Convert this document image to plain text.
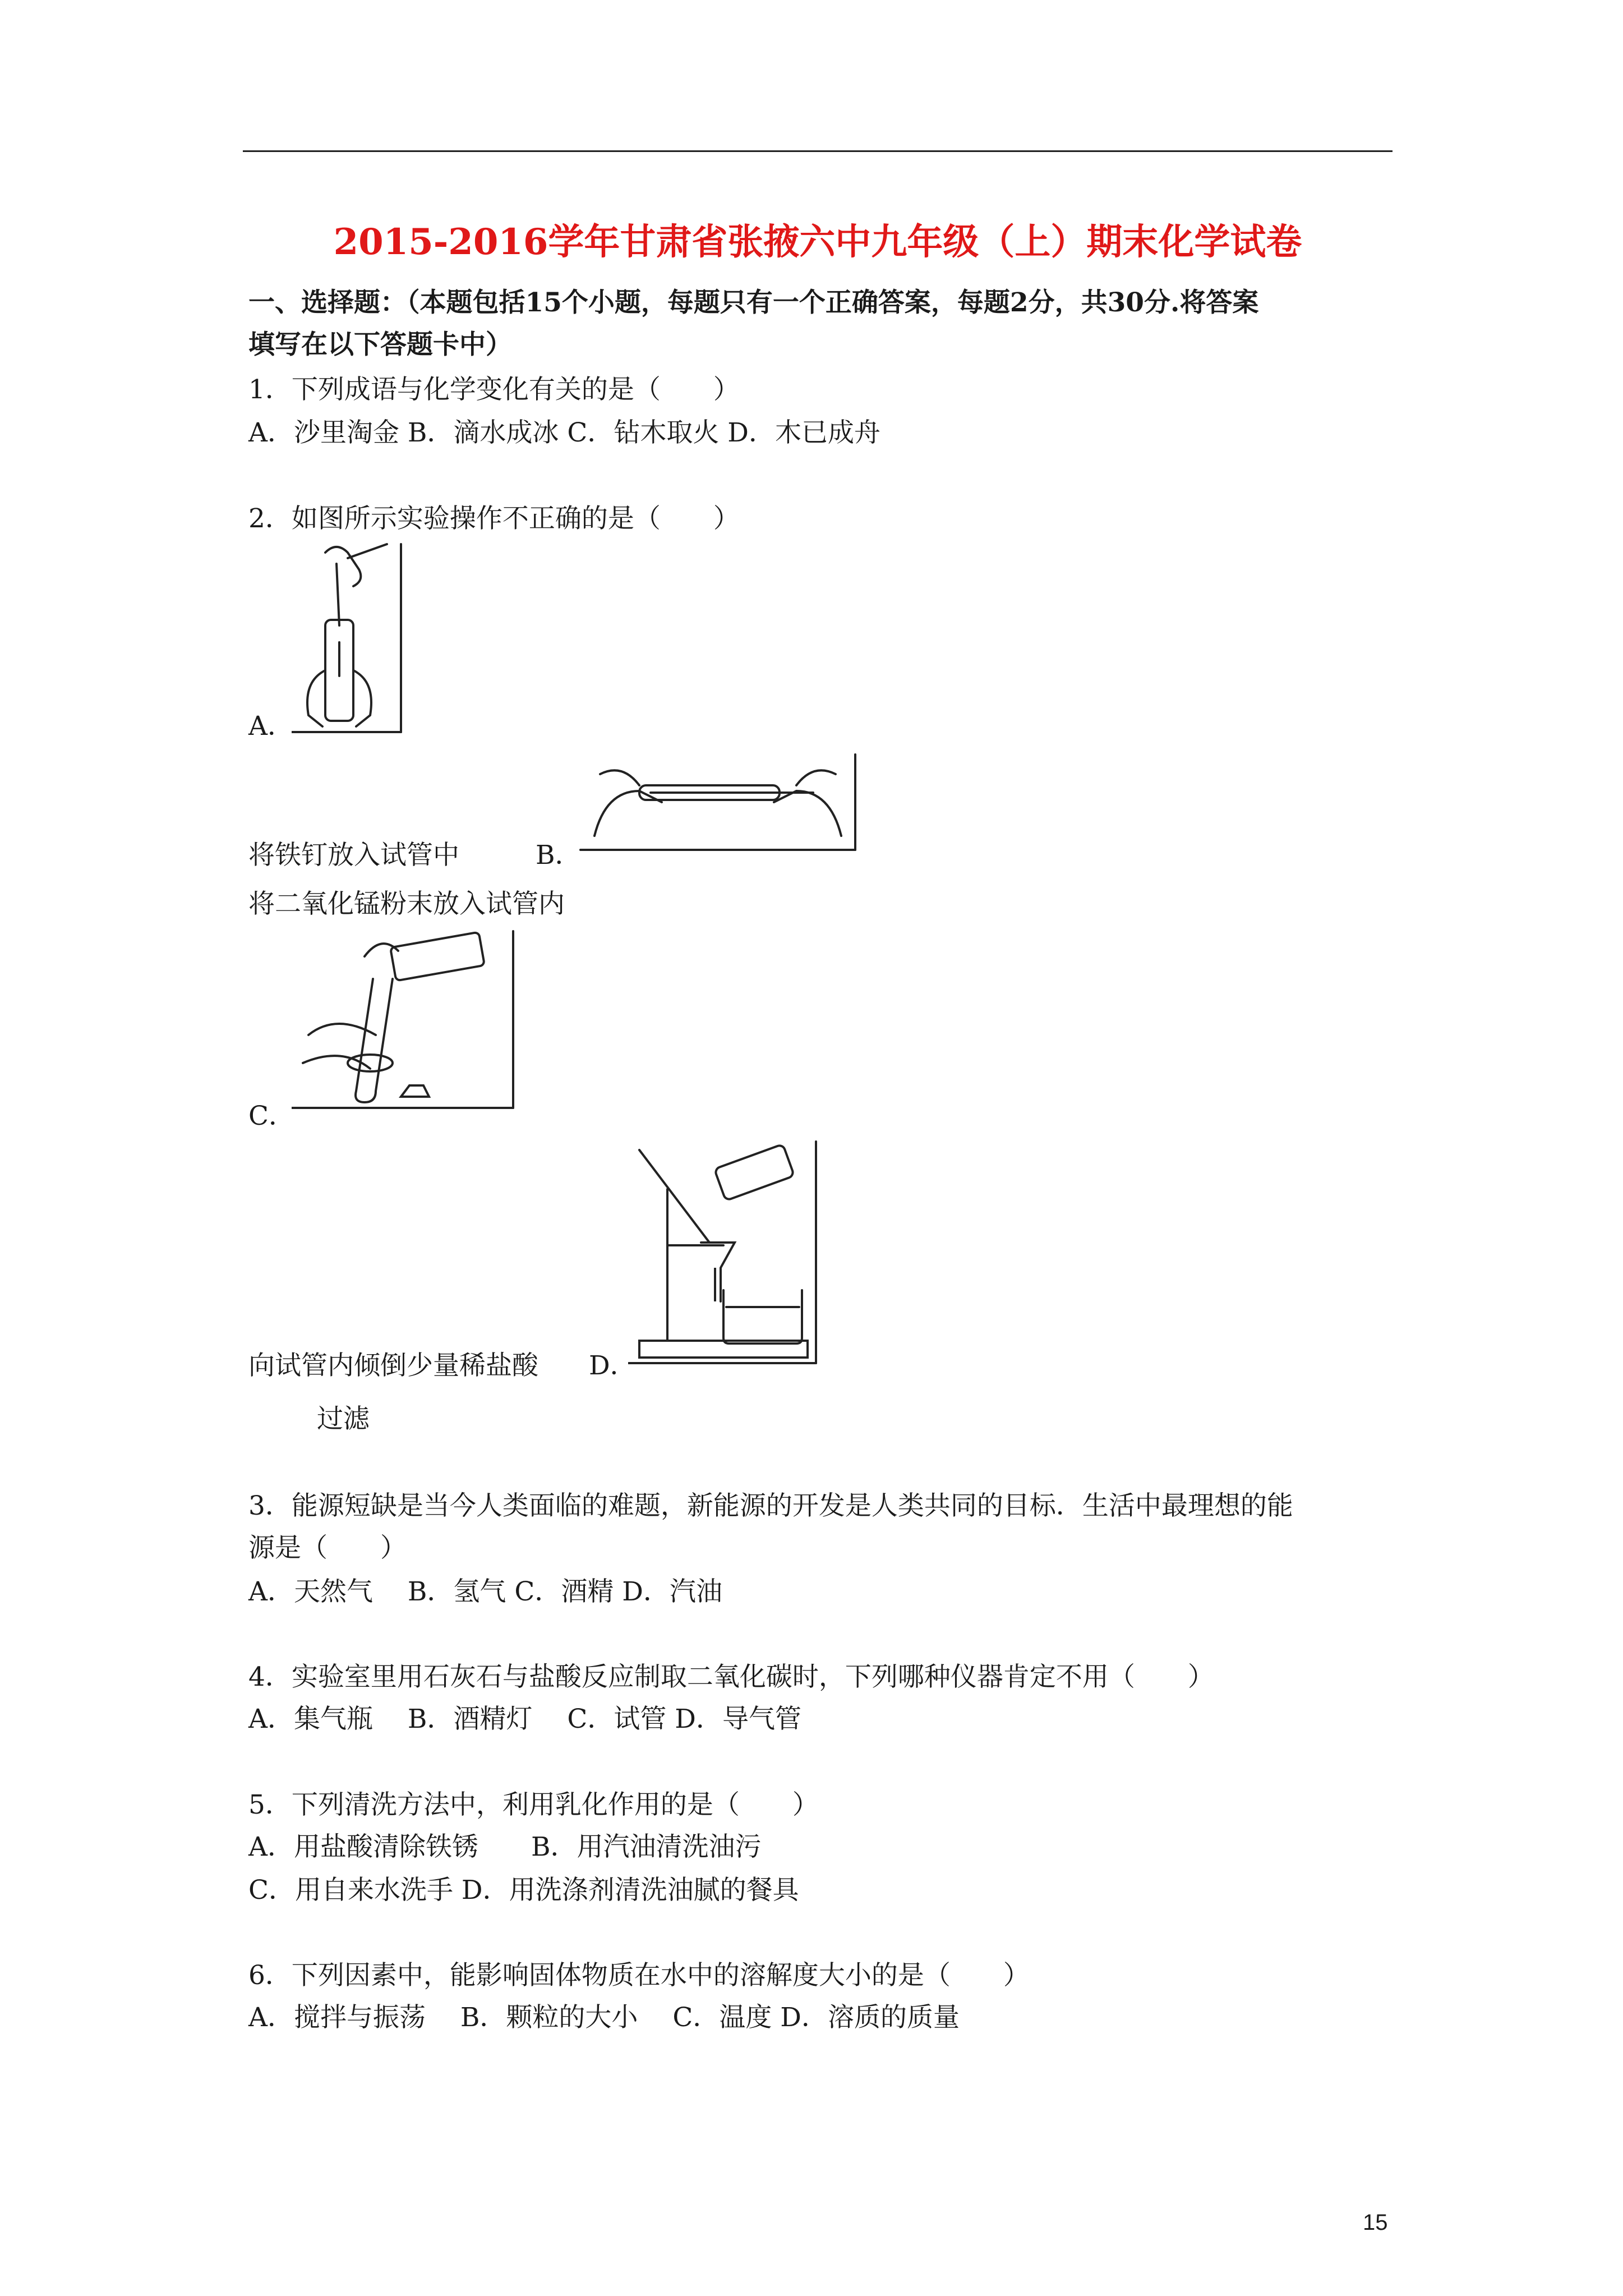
2015-2016学年甘肃省张掖六中九年级（上）期末化学试卷
一、选择题：（本题包括15个小题，每题只有一个正确答案，每题2分，共30分.将答案
填写在以下答题卡中）
1．下列成语与化学变化有关的是（　　）
A．沙里淘金 B．滴水成冰 C．钻木取火 D．木已成舟
2．如图所示实验操作不正确的是（　　）
A．
将铁钉放入试管中	B．
将二氧化锰粉末放入试管内
C．
向试管内倾倒少量稀盐酸 D．
过滤
3．能源短缺是当今人类面临的难题，新能源的开发是人类共同的目标．生活中最理想的能
源是（　　）
A．天然气　 B．氢气 C．酒精 D．汽油
4．实验室里用石灰石与盐酸反应制取二氧化碳时，下列哪种仪器肯定不用（　　）
A．集气瓶　 B．酒精灯　 C．试管 D．导气管
5．下列清洗方法中，利用乳化作用的是（　　）
A．用盐酸清除铁锈　　B．用汽油清洗油污
C．用自来水洗手 D．用洗涤剂清洗油腻的餐具
6．下列因素中，能影响固体物质在水中的溶解度大小的是（　　）
A．搅拌与振荡　 B．颗粒的大小　 C．温度 D．溶质的质量
15
